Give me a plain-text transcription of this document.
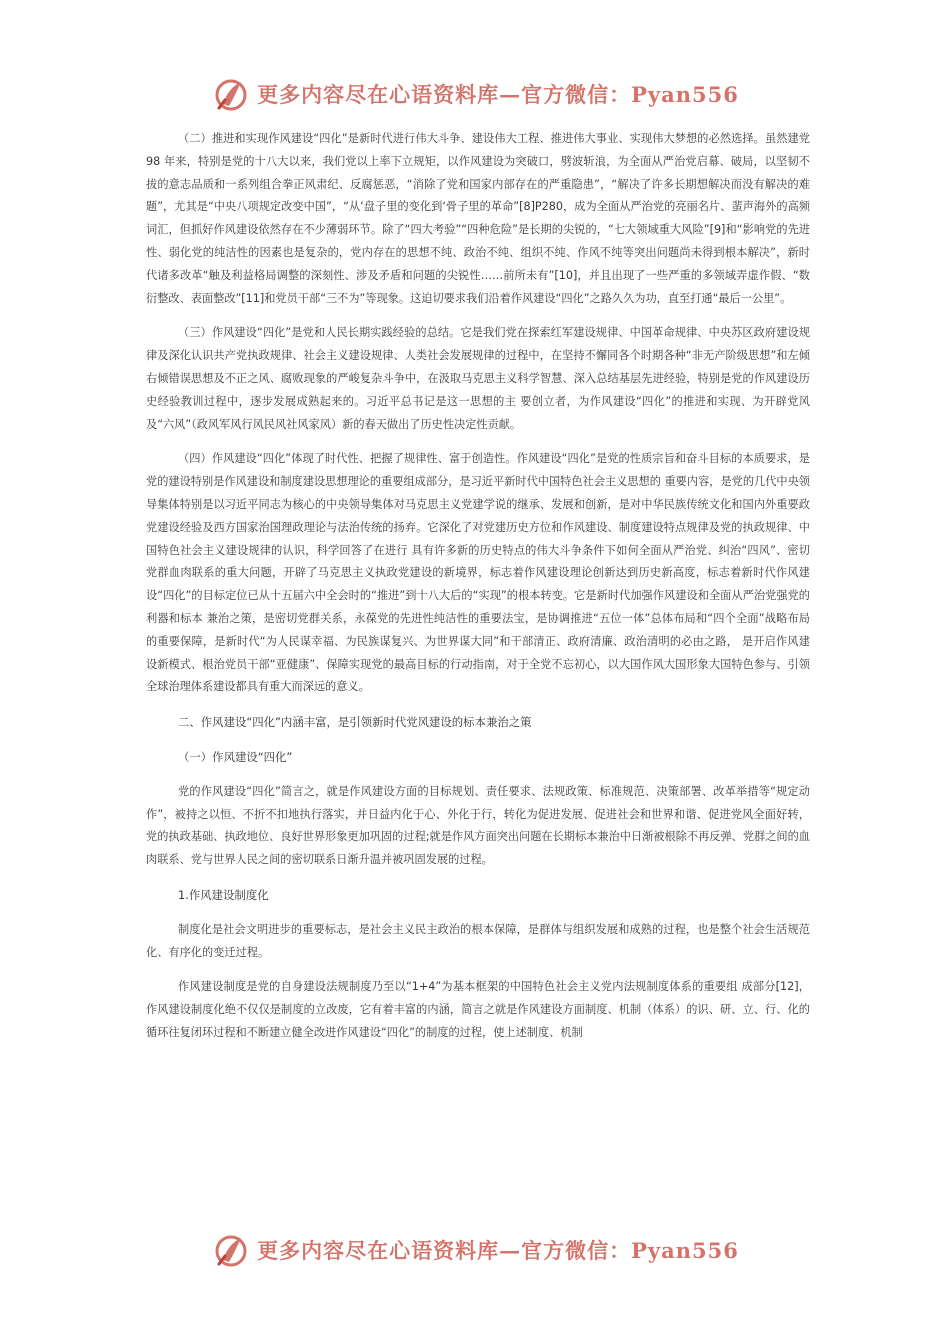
更多内容尽在心语资料库—官方微信：Pyan556

（二）推进和实现作风建设“四化”是新时代进行伟大斗争、建设伟大工程、推进伟大事业、实现伟大梦想的必然选择。虽然建党 98 年来，特别是党的十八大以来，我们党以上率下立规矩，以作风建设为突破口，劈波斩浪，为全面从严治党启幕、破局，以坚韧不拔的意志品质和一系列组合拳正风肃纪、反腐惩恶，“消除了党和国家内部存在的严重隐患”，“解决了许多长期想解决而没有解决的难题”，尤其是“中央八项规定改变中国”，“从‘盘子里的变化到‘骨子里的革命”[8]P280，成为全面从严治党的亮丽名片、蜚声海外的高频词汇，但抓好作风建设依然存在不少薄弱环节。除了“四大考验”“四种危险”是长期的尖锐的，“七大领域重大风险”[9]和“影响党的先进性、弱化党的纯洁性的因素也是复杂的，党内存在的思想不纯、政治不纯、组织不纯、作风不纯等突出问题尚未得到根本解决”，新时代诸多改革“触及利益格局调整的深刻性、涉及矛盾和问题的尖锐性……前所未有”[10]，并且出现了一些严重的多领域弄虚作假、“数衍整改、表面整改”[11]和党员干部“三不为”等现象。这迫切要求我们沿着作风建设“四化”之路久久为功，直至打通“最后一公里”。

（三）作风建设“四化”是党和人民长期实践经验的总结。它是我们党在探索红军建设规律、中国革命规律、中央苏区政府建设规律及深化认识共产党执政规律、社会主义建设规律、人类社会发展规律的过程中，在坚持不懈同各个时期各种“非无产阶级思想”和左倾右倾错误思想及不正之风、腐败现象的严峻复杂斗争中，在汲取马克思主义科学智慧、深入总结基层先进经验，特别是党的作风建设历史经验教训过程中，逐步发展成熟起来的。习近平总书记是这一思想的主 要创立者，为作风建设“四化”的推进和实现、为开辟党风及“六风”（政风军风行风民风社风家风）新的春天做出了历史性决定性贡献。

（四）作风建设“四化”体现了时代性、把握了规律性、富于创造性。作风建设“四化”是党的性质宗旨和奋斗目标的本质要求，是党的建设特别是作风建设和制度建设思想理论的重要组成部分，是习近平新时代中国特色社会主义思想的 重要内容，是党的几代中央领导集体特别是以习近平同志为核心的中央领导集体对马克思主义党建学说的继承、发展和创新，是对中华民族传统文化和国内外重要政党建设经验及西方国家治国理政理论与法治传统的扬弃。它深化了对党建历史方位和作风建设、制度建设特点规律及党的执政规律、中国特色社会主义建设规律的认识，科学回答了在进行 具有许多新的历史特点的伟大斗争条件下如何全面从严治党、纠治“四风”、密切党群血肉联系的重大问题，开辟了马克思主义执政党建设的新境界，标志着作风建设理论创新达到历史新高度，标志着新时代作风建设“四化”的目标定位已从十五届六中全会时的“推进”到十八大后的“实现”的根本转变。它是新时代加强作风建设和全面从严治党强党的利器和标本 兼治之策，是密切党群关系，永葆党的先进性纯洁性的重要法宝，是协调推进“五位一体”总体布局和“四个全面”战略布局的重要保障，是新时代“为人民谋幸福、为民族谋复兴、为世界谋大同”和干部清正、政府清廉、政治清明的必由之路， 是开启作风建设新模式、根治党员干部“亚健康”、保障实现党的最高目标的行动指南，对于全党不忘初心，以大国作风大国形象大国特色参与、引领全球治理体系建设都具有重大而深远的意义。

二、作风建设“四化”内涵丰富，是引领新时代党风建设的标本兼治之策

（一）作风建设“四化”

党的作风建设“四化”简言之，就是作风建设方面的目标规划、责任要求、法规政策、标准规范、决策部署、改革举措等“规定动作”，被持之以恒、不折不扣地执行落实，并日益内化于心、外化于行，转化为促进发展、促进社会和世界和谐、促进党风全面好转，党的执政基础、执政地位、良好世界形象更加巩固的过程;就是作风方面突出问题在长期标本兼治中日渐被根除不再反弹、党群之间的血肉联系、党与世界人民之间的密切联系日渐升温并被巩固发展的过程。

1.作风建设制度化

制度化是社会文明进步的重要标志，是社会主义民主政治的根本保障，是群体与组织发展和成熟的过程，也是整个社会生活规范化、有序化的变迁过程。

作风建设制度是党的自身建设法规制度乃至以“1+4”为基本框架的中国特色社会主义党内法规制度体系的重要组 成部分[12]，作风建设制度化绝不仅仅是制度的立改废，它有着丰富的内涵，简言之就是作风建设方面制度、机制（体系）的识、研、立、行、化的循环往复闭环过程和不断建立健全改进作风建设“四化”的制度的过程，使上述制度、机制

更多内容尽在心语资料库—官方微信：Pyan556
